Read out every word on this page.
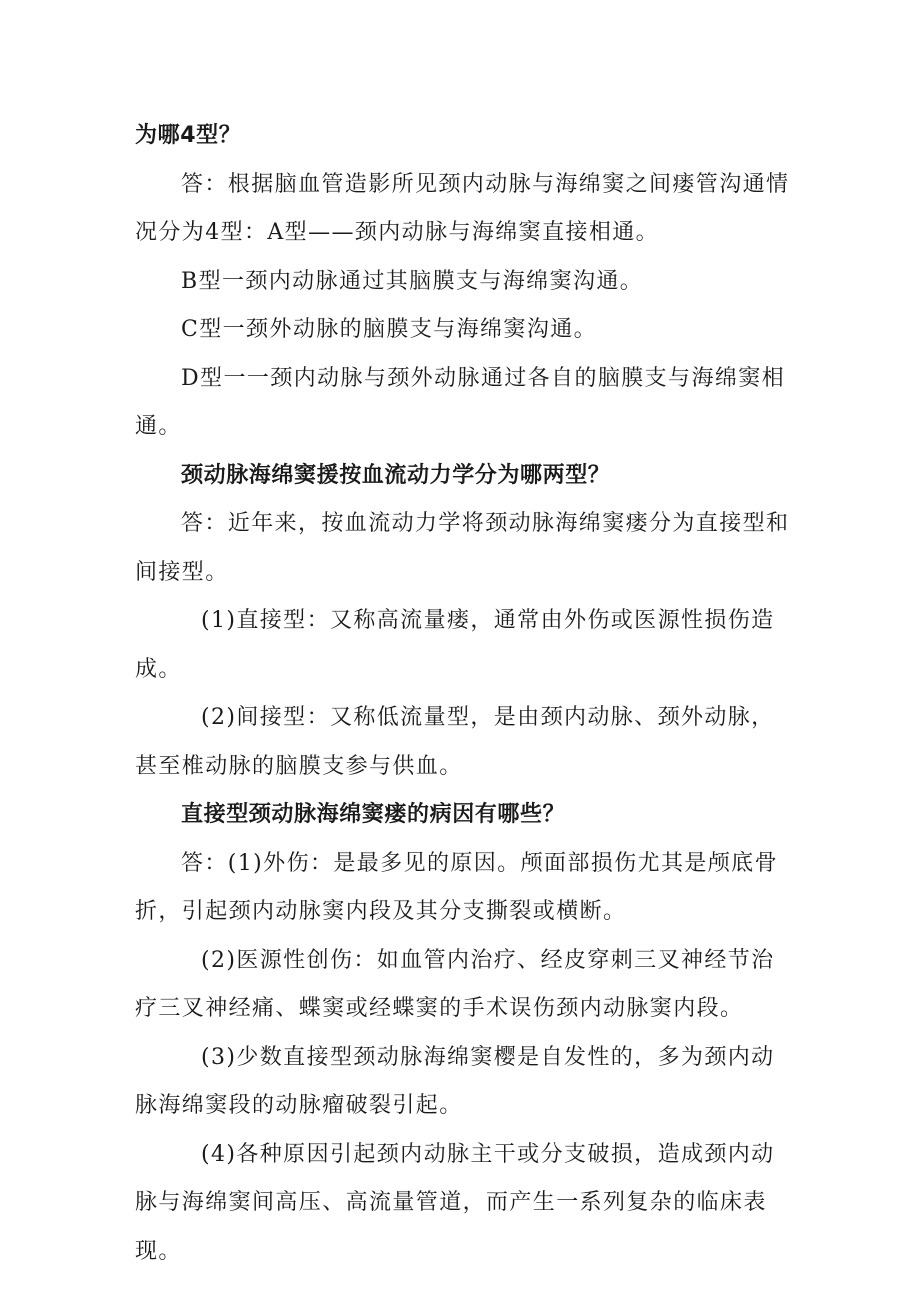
为哪4型？

答：根据脑血管造影所见颈内动脉与海绵窦之间瘘管沟通情况分为4型：A型——颈内动脉与海绵窦直接相通。

B型一颈内动脉通过其脑膜支与海绵窦沟通。

C型一颈外动脉的脑膜支与海绵窦沟通。

D型一一颈内动脉与颈外动脉通过各自的脑膜支与海绵窦相通。

颈动脉海绵窦援按血流动力学分为哪两型？

答：近年来，按血流动力学将颈动脉海绵窦瘘分为直接型和间接型。

(1)直接型：又称高流量瘘，通常由外伤或医源性损伤造成。

(2)间接型：又称低流量型，是由颈内动脉、颈外动脉，甚至椎动脉的脑膜支参与供血。

直接型颈动脉海绵窦瘘的病因有哪些？

答：(1)外伤：是最多见的原因。颅面部损伤尤其是颅底骨折，引起颈内动脉窦内段及其分支撕裂或横断。

(2)医源性创伤：如血管内治疗、经皮穿刺三叉神经节治疗三叉神经痛、蝶窦或经蝶窦的手术误伤颈内动脉窦内段。

(3)少数直接型颈动脉海绵窦樱是自发性的，多为颈内动脉海绵窦段的动脉瘤破裂引起。

(4)各种原因引起颈内动脉主干或分支破损，造成颈内动脉与海绵窦间高压、高流量管道，而产生一系列复杂的临床表现。
